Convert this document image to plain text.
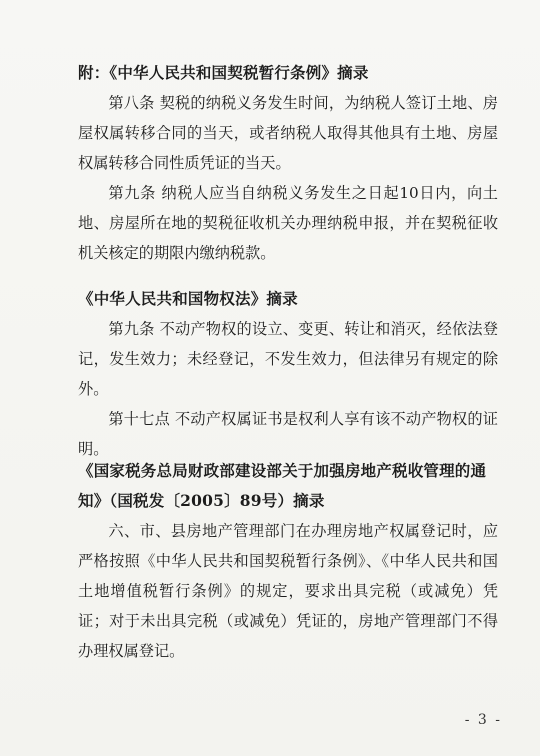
附：《中华人民共和国契税暂行条例》摘录

第八条 契税的纳税义务发生时间，为纳税人签订土地、房屋权属转移合同的当天，或者纳税人取得其他具有土地、房屋权属转移合同性质凭证的当天。

第九条 纳税人应当自纳税义务发生之日起10日内，向土地、房屋所在地的契税征收机关办理纳税申报，并在契税征收机关核定的期限内缴纳税款。

《中华人民共和国物权法》摘录

第九条 不动产物权的设立、变更、转让和消灭，经依法登记，发生效力；未经登记，不发生效力，但法律另有规定的除外。

第十七点 不动产权属证书是权利人享有该不动产物权的证明。

《国家税务总局财政部建设部关于加强房地产税收管理的通
知》（国税发〔2005〕89号）摘录

六、市、县房地产管理部门在办理房地产权属登记时，应严格按照《中华人民共和国契税暂行条例》、《中华人民共和国土地增值税暂行条例》的规定，要求出具完税（或减免）凭证；对于未出具完税（或减免）凭证的，房地产管理部门不得办理权属登记。

- 3 -
